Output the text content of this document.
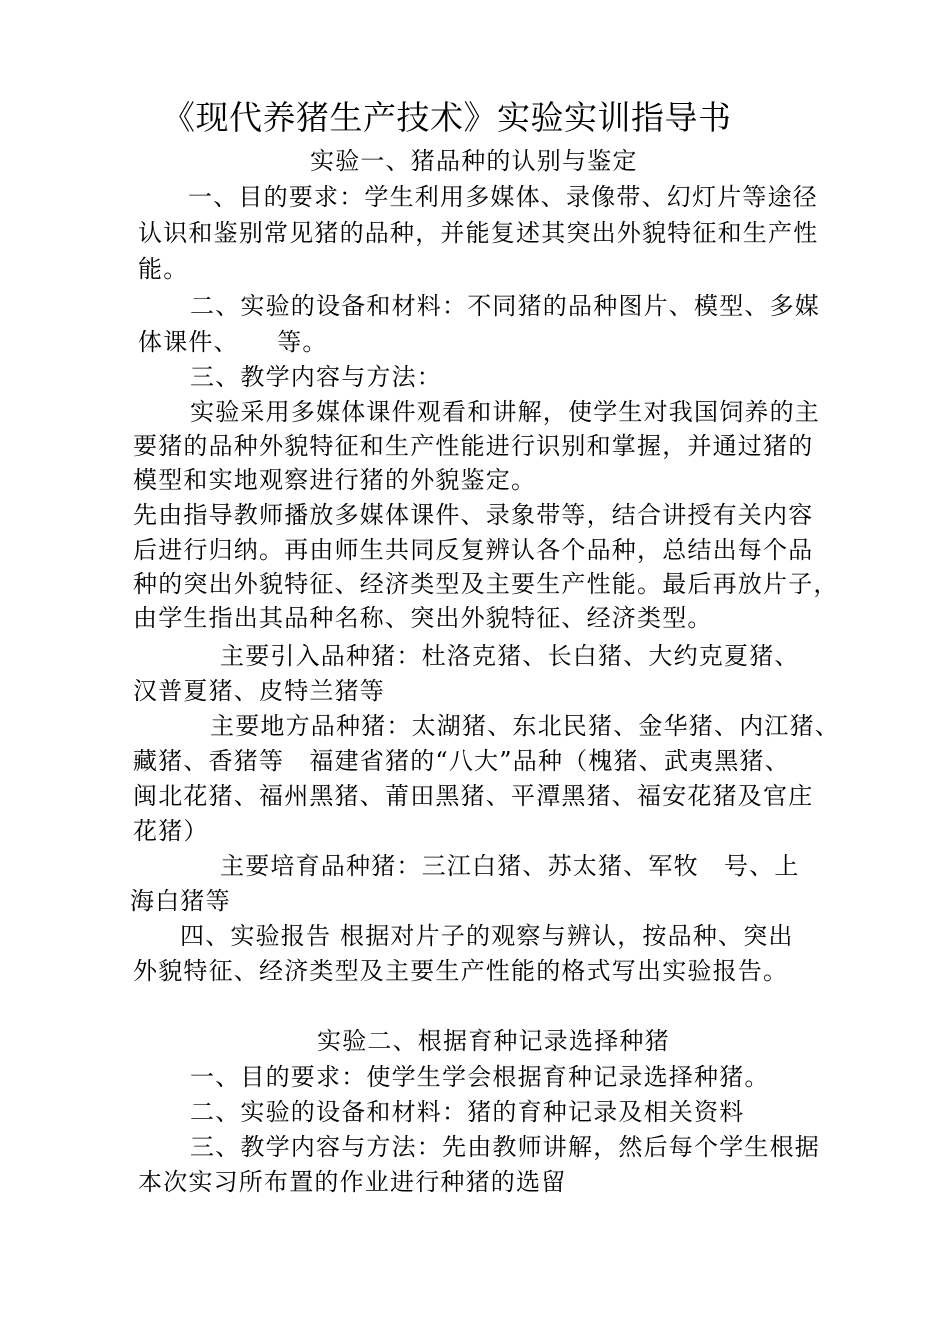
《现代养猪生产技术》实验实训指导书
实验一、猪品种的认别与鉴定
一、目的要求：学生利用多媒体、录像带、幻灯片等途径
认识和鉴别常见猪的品种，并能复述其突出外貌特征和生产性
能。
二、实验的设备和材料：不同猪的品种图片、模型、多媒
体课件、　　等。
三、教学内容与方法：
实验采用多媒体课件观看和讲解，使学生对我国饲养的主
要猪的品种外貌特征和生产性能进行识别和掌握，并通过猪的
模型和实地观察进行猪的外貌鉴定。
先由指导教师播放多媒体课件、录象带等，结合讲授有关内容
后进行归纳。再由师生共同反复辨认各个品种，总结出每个品
种的突出外貌特征、经济类型及主要生产性能。最后再放片子，
由学生指出其品种名称、突出外貌特征、经济类型。
主要引入品种猪：杜洛克猪、长白猪、大约克夏猪、
汉普夏猪、皮特兰猪等
主要地方品种猪：太湖猪、东北民猪、金华猪、内江猪、
藏猪、香猪等　福建省猪的“八大”品种（槐猪、武夷黑猪、
闽北花猪、福州黑猪、莆田黑猪、平潭黑猪、福安花猪及官庄
花猪）
主要培育品种猪：三江白猪、苏太猪、军牧　号、上
海白猪等
四、实验报告 根据对片子的观察与辨认，按品种、突出
外貌特征、经济类型及主要生产性能的格式写出实验报告。
实验二、根据育种记录选择种猪
一、目的要求：使学生学会根据育种记录选择种猪。
二、实验的设备和材料：猪的育种记录及相关资料
三、教学内容与方法：先由教师讲解，然后每个学生根据
本次实习所布置的作业进行种猪的选留
